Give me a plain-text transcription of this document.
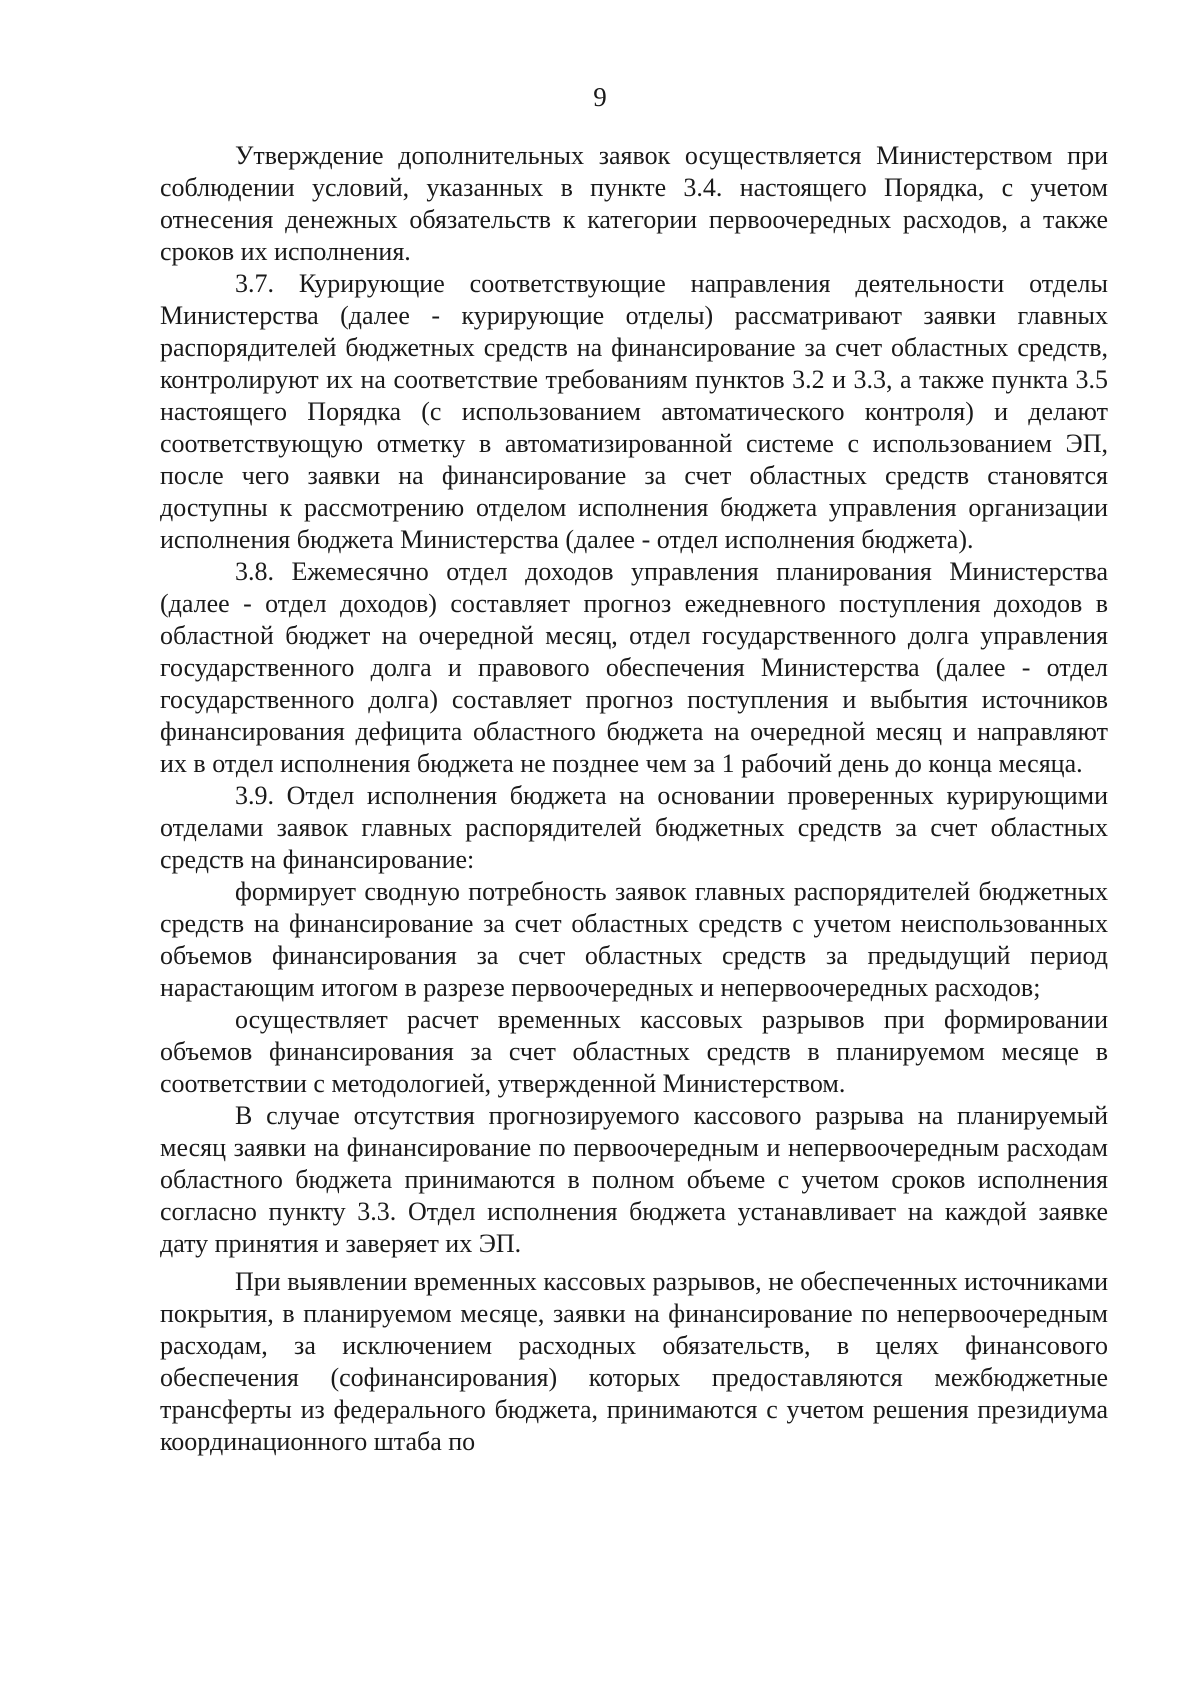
9

Утверждение дополнительных заявок осуществляется Министерством при соблюдении условий, указанных в пункте 3.4. настоящего Порядка, с учетом отнесения денежных обязательств к категории первоочередных расходов, а также сроков их исполнения.

3.7. Курирующие соответствующие направления деятельности отделы Министерства (далее - курирующие отделы) рассматривают заявки главных распорядителей бюджетных средств на финансирование за счет областных средств, контролируют их на соответствие требованиям пунктов 3.2 и 3.3, а также пункта 3.5 настоящего Порядка (с использованием автоматического контроля) и делают соответствующую отметку в автоматизированной системе с использованием ЭП, после чего заявки на финансирование за счет областных средств становятся доступны к рассмотрению отделом исполнения бюджета управления организации исполнения бюджета Министерства (далее - отдел исполнения бюджета).

3.8. Ежемесячно отдел доходов управления планирования Министерства (далее - отдел доходов) составляет прогноз ежедневного поступления доходов в областной бюджет на очередной месяц, отдел государственного долга управления государственного долга и правового обеспечения Министерства (далее - отдел государственного долга) составляет прогноз поступления и выбытия источников финансирования дефицита областного бюджета на очередной месяц и направляют их в отдел исполнения бюджета не позднее чем за 1 рабочий день до конца месяца.

3.9. Отдел исполнения бюджета на основании проверенных курирующими отделами заявок главных распорядителей бюджетных средств за счет областных средств на финансирование:

формирует сводную потребность заявок главных распорядителей бюджетных средств на финансирование за счет областных средств с учетом неиспользованных объемов финансирования за счет областных средств за предыдущий период нарастающим итогом в разрезе первоочередных и непервоочередных расходов;

осуществляет расчет временных кассовых разрывов при формировании объемов финансирования за счет областных средств в планируемом месяце в соответствии с методологией, утвержденной Министерством.

В случае отсутствия прогнозируемого кассового разрыва на планируемый месяц заявки на финансирование по первоочередным и непервоочередным расходам областного бюджета принимаются в полном объеме с учетом сроков исполнения согласно пункту 3.3. Отдел исполнения бюджета устанавливает на каждой заявке дату принятия и заверяет их ЭП.

При выявлении временных кассовых разрывов, не обеспеченных источниками покрытия, в планируемом месяце, заявки на финансирование по непервоочередным расходам, за исключением расходных обязательств, в целях финансового обеспечения (софинансирования) которых предоставляются межбюджетные трансферты из федерального бюджета, принимаются с учетом решения президиума координационного штаба по
